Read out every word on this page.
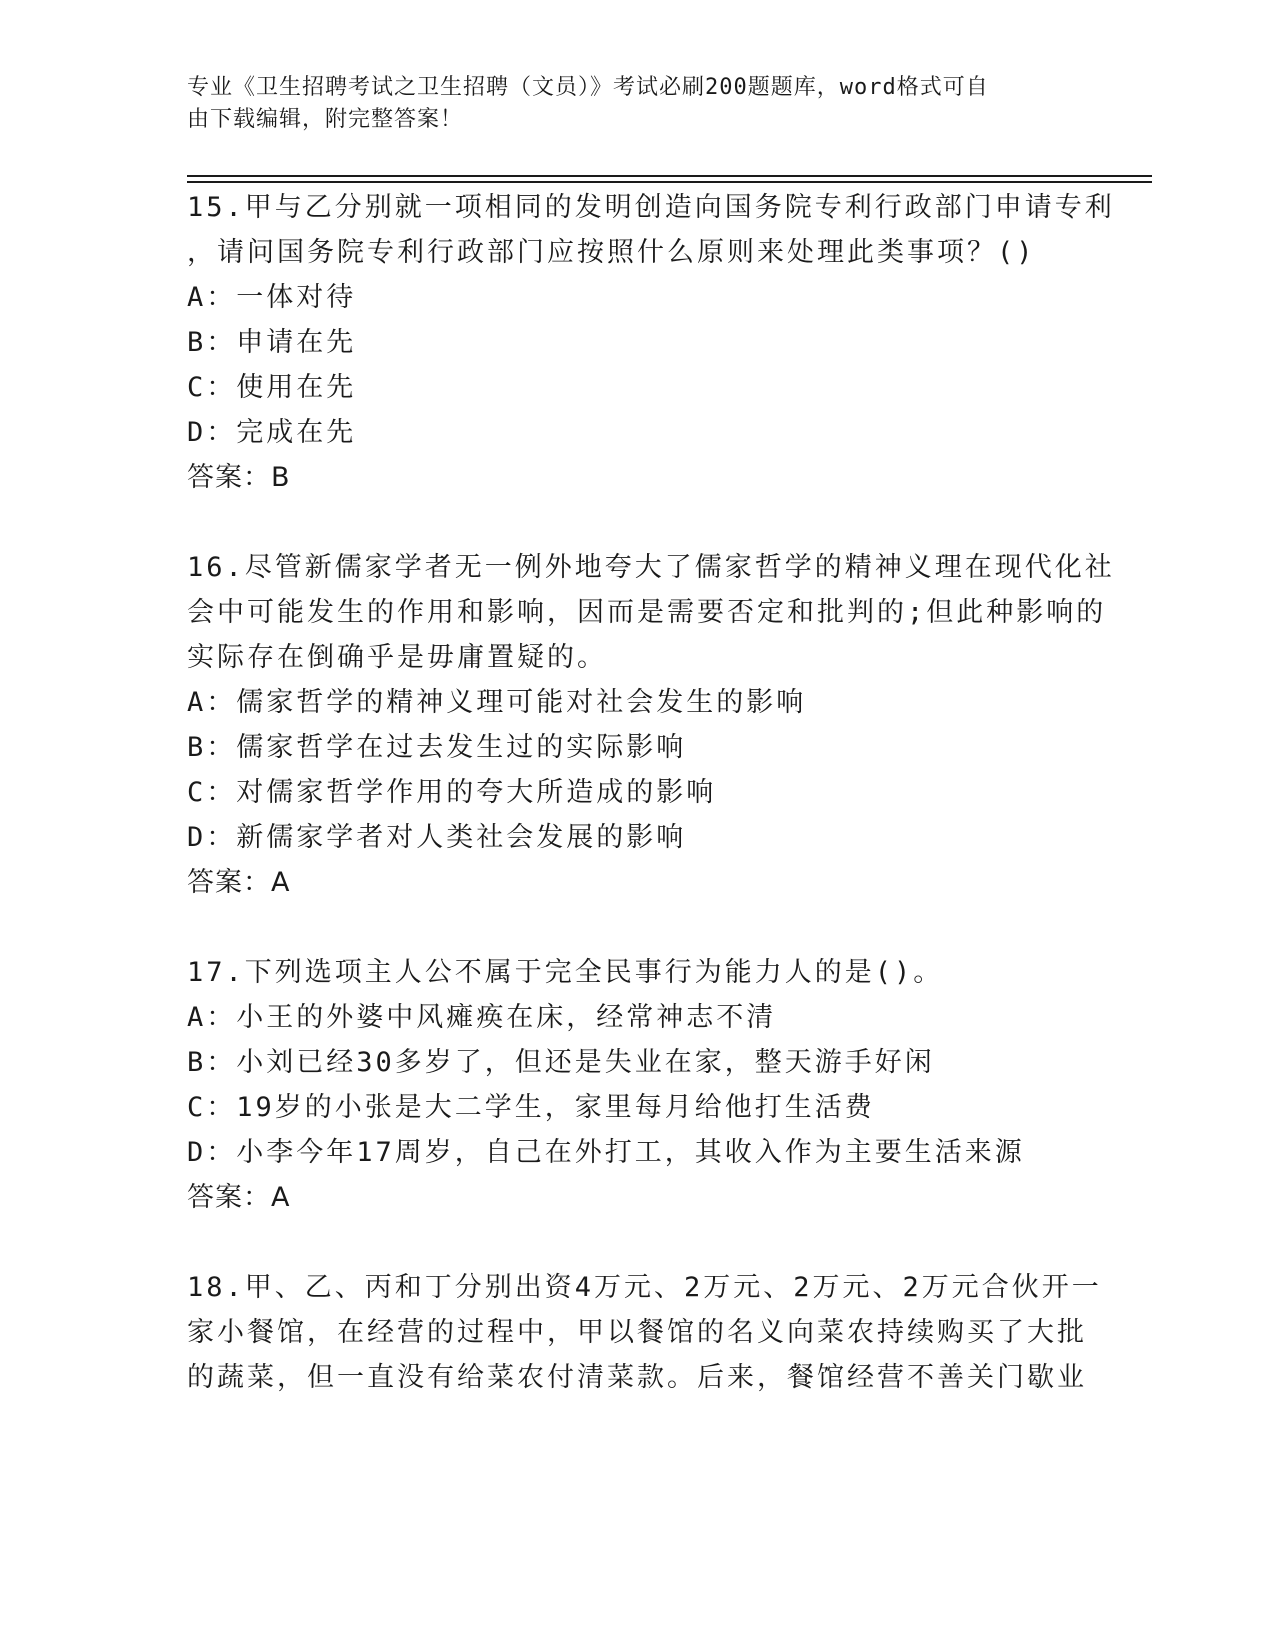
专业《卫生招聘考试之卫生招聘（文员）》考试必刷200题题库，word格式可自
由下载编辑，附完整答案！
15.甲与乙分别就一项相同的发明创造向国务院专利行政部门申请专利
，请问国务院专利行政部门应按照什么原则来处理此类事项？()
A：一体对待
B：申请在先
C：使用在先
D：完成在先
答案：B
16.尽管新儒家学者无一例外地夸大了儒家哲学的精神义理在现代化社
会中可能发生的作用和影响，因而是需要否定和批判的;但此种影响的
实际存在倒确乎是毋庸置疑的。
A：儒家哲学的精神义理可能对社会发生的影响
B：儒家哲学在过去发生过的实际影响
C：对儒家哲学作用的夸大所造成的影响
D：新儒家学者对人类社会发展的影响
答案：A
17.下列选项主人公不属于完全民事行为能力人的是()。
A：小王的外婆中风瘫痪在床，经常神志不清
B：小刘已经30多岁了，但还是失业在家，整天游手好闲
C：19岁的小张是大二学生，家里每月给他打生活费
D：小李今年17周岁，自己在外打工，其收入作为主要生活来源
答案：A
18.甲、乙、丙和丁分别出资4万元、2万元、2万元、2万元合伙开一
家小餐馆，在经营的过程中，甲以餐馆的名义向菜农持续购买了大批
的蔬菜，但一直没有给菜农付清菜款。后来，餐馆经营不善关门歇业
